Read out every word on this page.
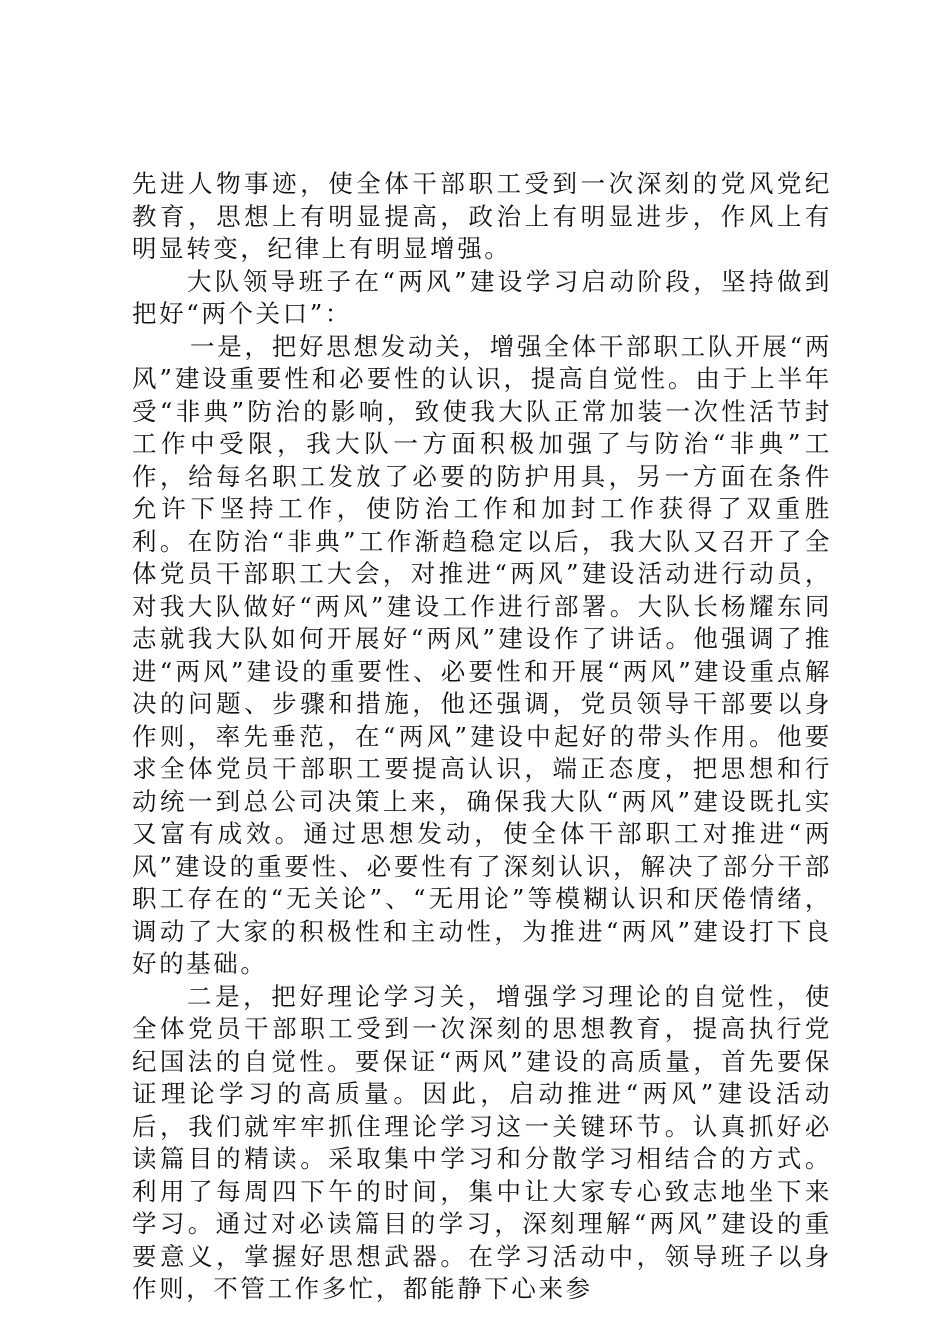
先进人物事迹，使全体干部职工受到一次深刻的党风党纪教育，思想上有明显提高，政治上有明显进步，作风上有明显转变，纪律上有明显增强。

大队领导班子在“两风”建设学习启动阶段，坚持做到把好“两个关口”：

一是，把好思想发动关，增强全体干部职工队开展“两风”建设重要性和必要性的认识，提高自觉性。由于上半年受“非典”防治的影响，致使我大队正常加装一次性活节封工作中受限，我大队一方面积极加强了与防治“非典”工作，给每名职工发放了必要的防护用具，另一方面在条件允许下坚持工作，使防治工作和加封工作获得了双重胜利。在防治“非典”工作渐趋稳定以后，我大队又召开了全体党员干部职工大会，对推进“两风”建设活动进行动员，对我大队做好“两风”建设工作进行部署。大队长杨耀东同志就我大队如何开展好“两风”建设作了讲话。他强调了推进“两风”建设的重要性、必要性和开展“两风”建设重点解决的问题、步骤和措施，他还强调，党员领导干部要以身作则，率先垂范，在“两风”建设中起好的带头作用。他要求全体党员干部职工要提高认识，端正态度，把思想和行动统一到总公司决策上来，确保我大队“两风”建设既扎实又富有成效。通过思想发动，使全体干部职工对推进“两风”建设的重要性、必要性有了深刻认识，解决了部分干部职工存在的“无关论”、“无用论”等模糊认识和厌倦情绪，调动了大家的积极性和主动性，为推进“两风”建设打下良好的基础。

二是，把好理论学习关，增强学习理论的自觉性，使全体党员干部职工受到一次深刻的思想教育，提高执行党纪国法的自觉性。要保证“两风”建设的高质量，首先要保证理论学习的高质量。因此，启动推进“两风”建设活动后，我们就牢牢抓住理论学习这一关键环节。认真抓好必读篇目的精读。采取集中学习和分散学习相结合的方式。利用了每周四下午的时间，集中让大家专心致志地坐下来学习。通过对必读篇目的学习，深刻理解“两风”建设的重要意义，掌握好思想武器。在学习活动中，领导班子以身作则，不管工作多忙，都能静下心来参
